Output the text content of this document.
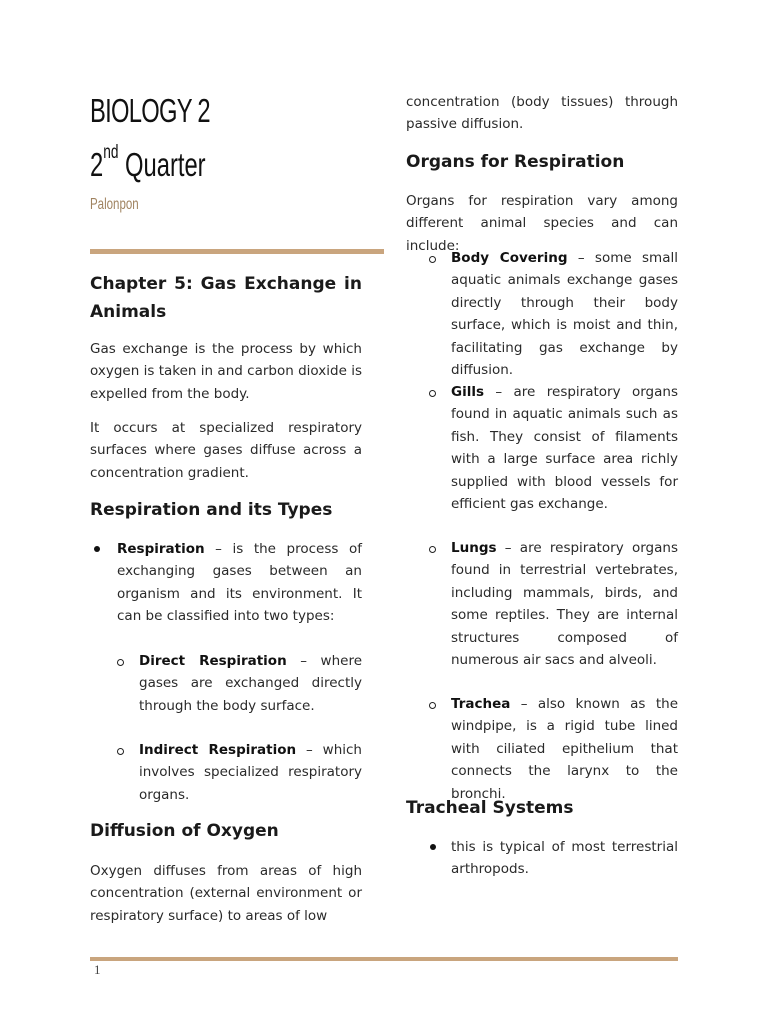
BIOLOGY 2
2nd Quarter
Palonpon
Chapter 5: Gas Exchange in Animals

Gas exchange is the process by which oxygen is taken in and carbon dioxide is expelled from the body.

It occurs at specialized respiratory surfaces where gases diffuse across a concentration gradient.

Respiration and its Types

Respiration – is the process of exchanging gases between an organism and its environment. It can be classified into two types:

Direct Respiration – where gases are exchanged directly through the body surface.

Indirect Respiration – which involves specialized respiratory organs.

Diffusion of Oxygen

Oxygen diffuses from areas of high concentration (external environment or respiratory surface) to areas of low

concentration (body tissues) through passive diffusion.

Organs for Respiration

Organs for respiration vary among different animal species and can include:

Body Covering – some small aquatic animals exchange gases directly through their body surface, which is moist and thin, facilitating gas exchange by diffusion.

Gills – are respiratory organs found in aquatic animals such as fish. They consist of filaments with a large surface area richly supplied with blood vessels for efficient gas exchange.

Lungs – are respiratory organs found in terrestrial vertebrates, including mammals, birds, and some reptiles. They are internal structures composed of numerous air sacs and alveoli.

Trachea – also known as the windpipe, is a rigid tube lined with ciliated epithelium that connects the larynx to the bronchi.

Tracheal Systems

this is typical of most terrestrial arthropods.

1
